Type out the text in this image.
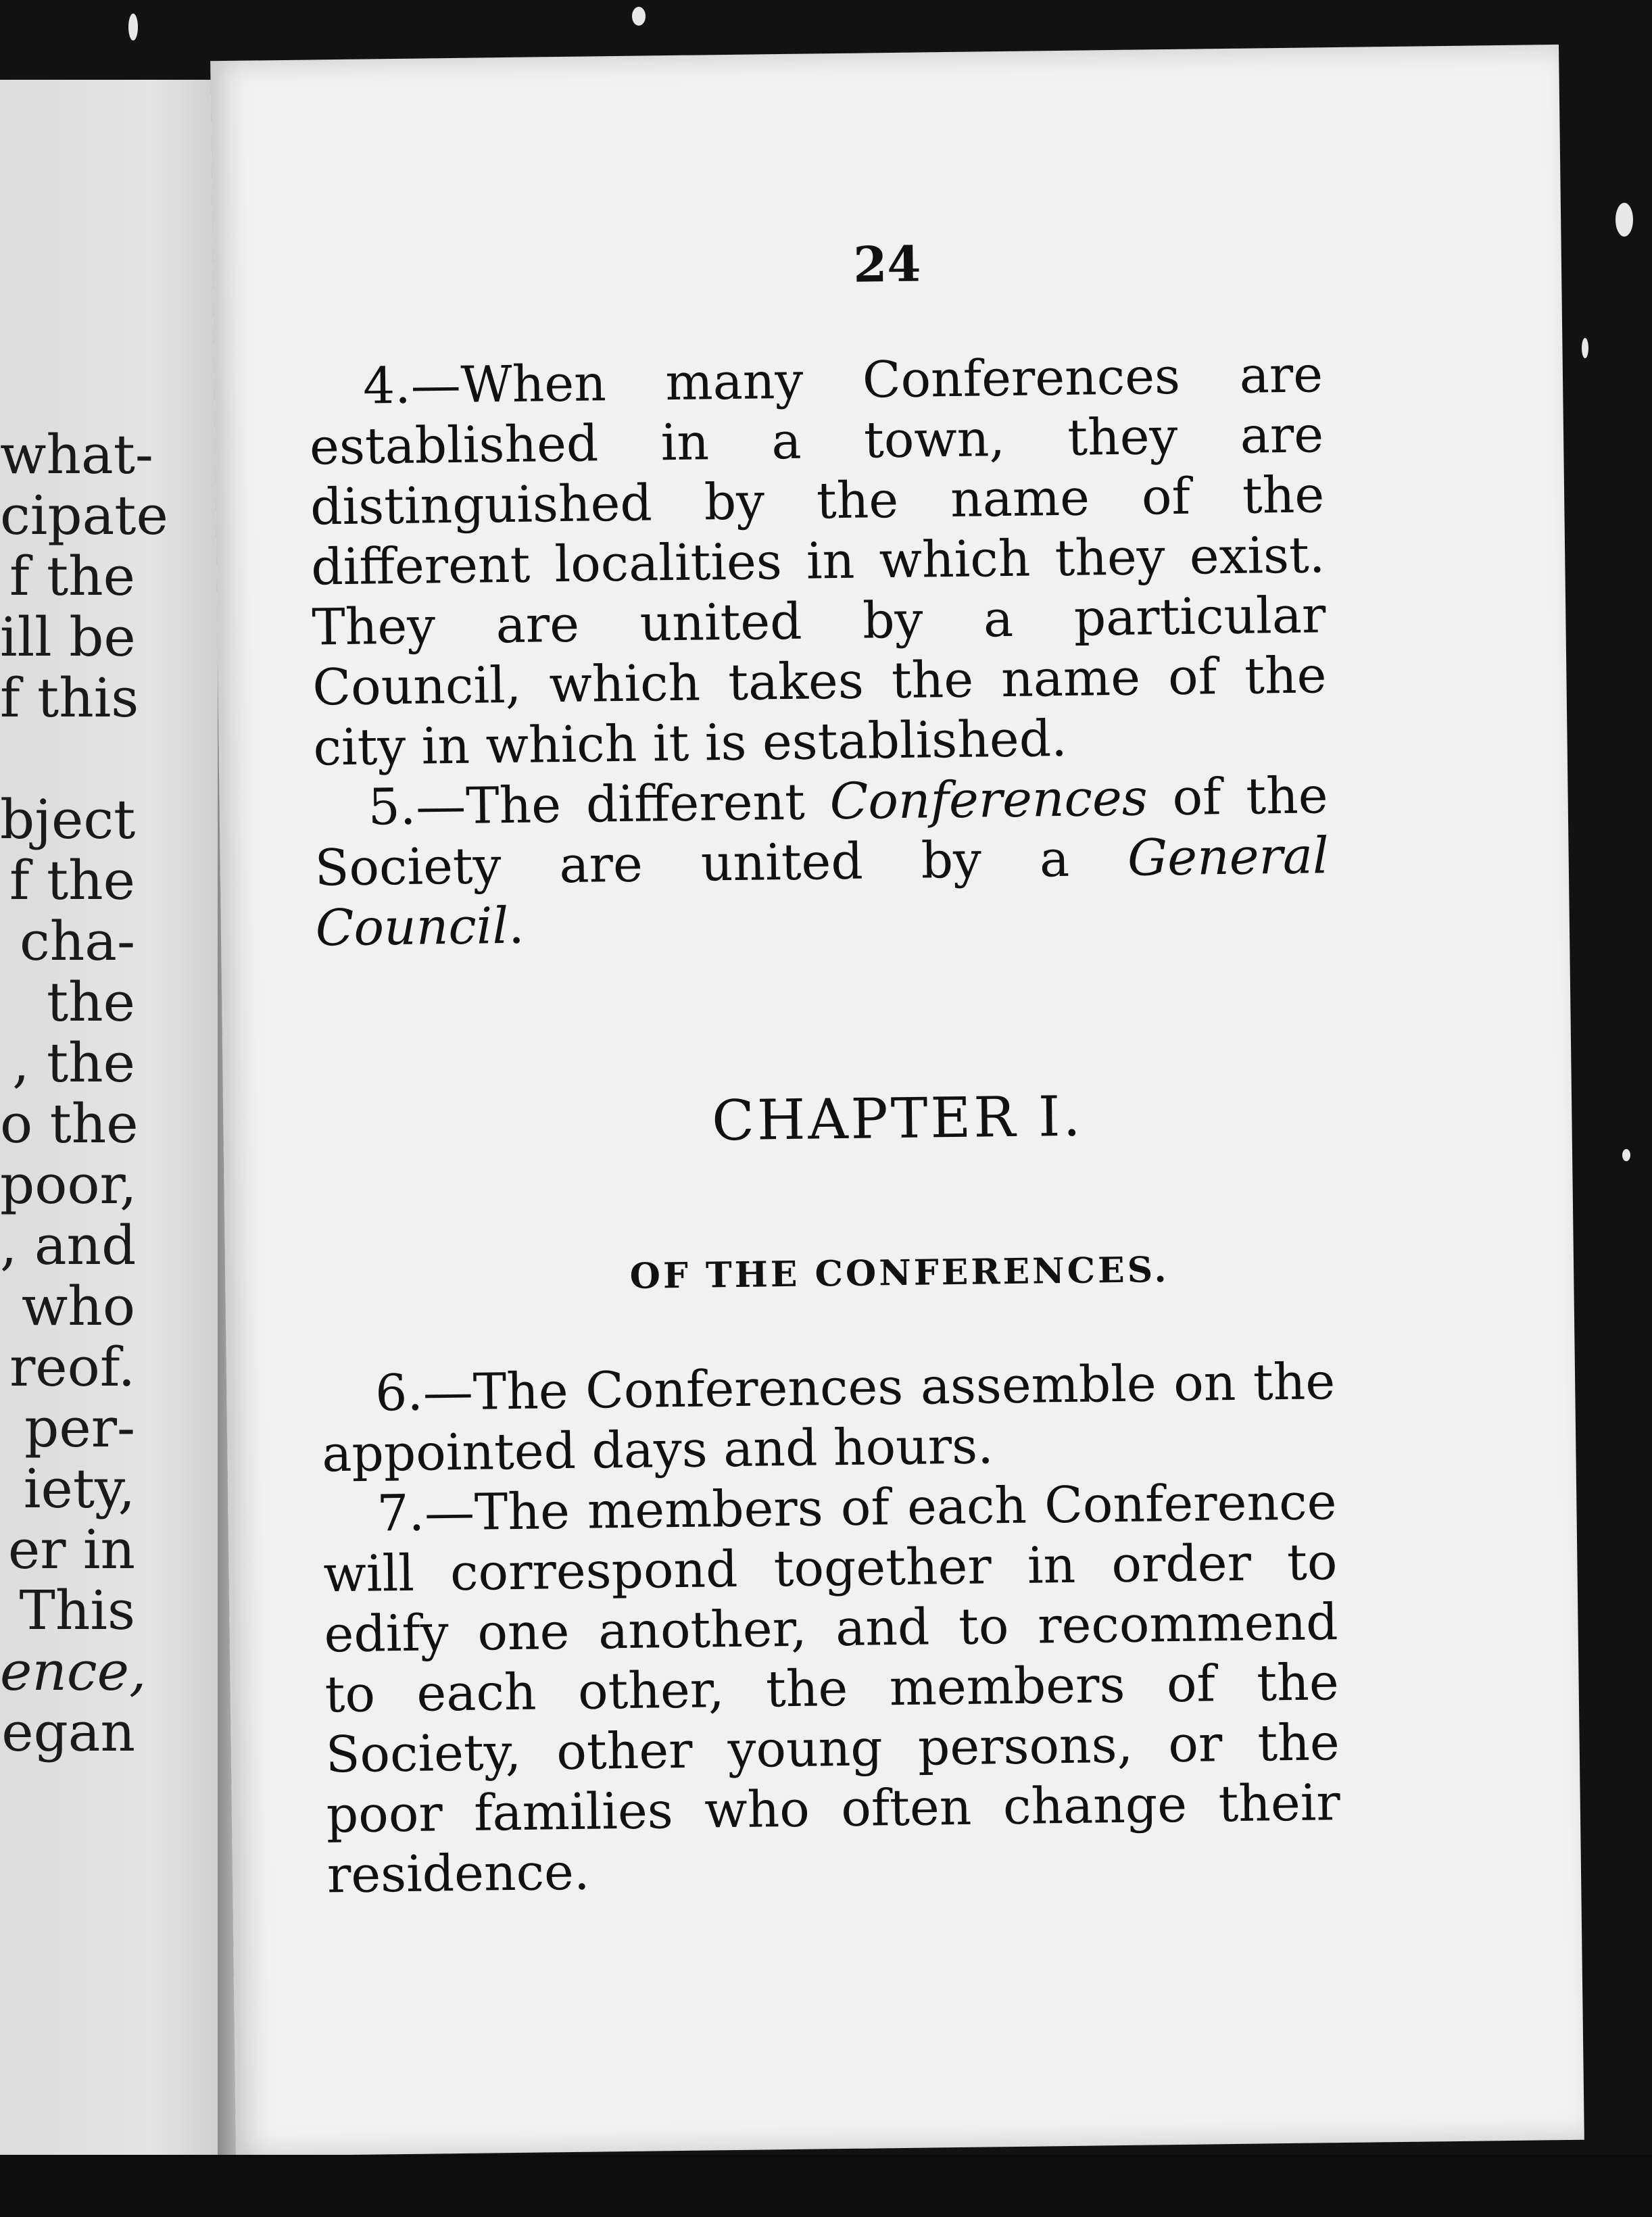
what-
cipate
f the
ill be
f this
bject
f the
cha-
the
, the
o the
poor,
, and
who
reof.
per-
iety,
er in
This
ence,
egan
24

4.—When many Conferences are established in a town, they are distinguished by the name of the different localities in which they exist. They are united by a particular Council, which takes the name of the city in which it is established.

5.—The different Conferences of the Society are united by a General Council.

CHAPTER I.
OF THE CONFERENCES.

6.—The Conferences assemble on the appointed days and hours.

7.—The members of each Conference will correspond together in order to edify one another, and to recommend to each other, the members of the Society, other young persons, or the poor families who often change their residence.
